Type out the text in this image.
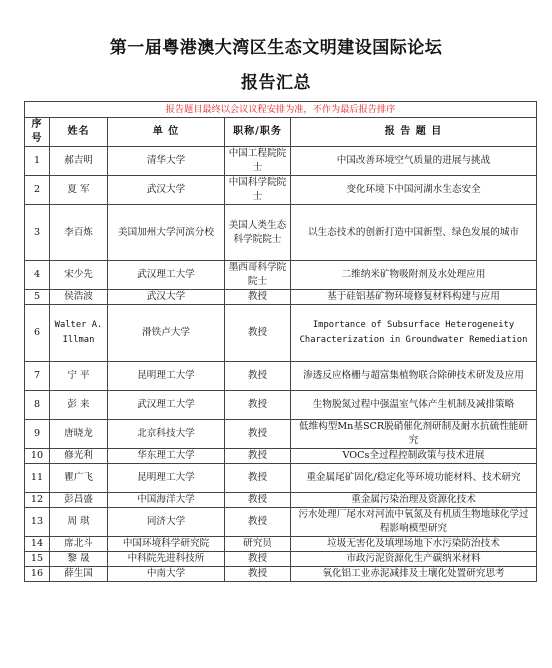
第一届粤港澳大湾区生态文明建设国际论坛
报告汇总
报告题目最终以会议议程安排为准，不作为最后报告排序				
序号	姓名	单 位	职称/职务	报 告 题 目
1	郝吉明	清华大学	中国工程院院士	中国改善环境空气质量的进展与挑战
2	夏 军	武汉大学	中国科学院院士	变化环境下中国河湖水生态安全
3	李百炼	美国加州大学河滨分校	美国人类生态科学院院士	以生态技术的创新打造中国新型、绿色发展的城市
4	宋少先	武汉理工大学	墨西哥科学院院士	二维纳米矿物吸附剂及水处理应用
5	侯浩波	武汉大学	教授	基于硅铝基矿物环境修复材料构建与应用
6	Walter A. Illman	滑铁卢大学	教授	Importance of Subsurface Heterogeneity Characterization in Groundwater Remediation
7	宁 平	昆明理工大学	教授	渗透反应格栅与超富集植物联合除砷技术研发及应用
8	彭 来	武汉理工大学	教授	生物脱氮过程中强温室气体产生机制及减排策略
9	唐晓龙	北京科技大学	教授	低维构型Mn基SCR脱硝催化剂研制及耐水抗硫性能研究
10	修光利	华东理工大学	教授	VOCs全过程控制政策与技术进展
11	瞿广飞	昆明理工大学	教授	重金属尾矿固化/稳定化等环境功能材料、技术研究
12	彭昌盛	中国海洋大学	教授	重金属污染治理及资源化技术
13	周 琪	同济大学	教授	污水处理厂尾水对河流中氧氮及有机质生物地球化学过程影响模型研究
14	席北斗	中国环境科学研究院	研究员	垃圾无害化及填埋场地下水污染防治技术
15	黎 晟	中科院先进科技所	教授	市政污泥资源化生产碳纳米材料
16	薛生国	中南大学	教授	氧化铝工业赤泥减排及土壤化处置研究思考
